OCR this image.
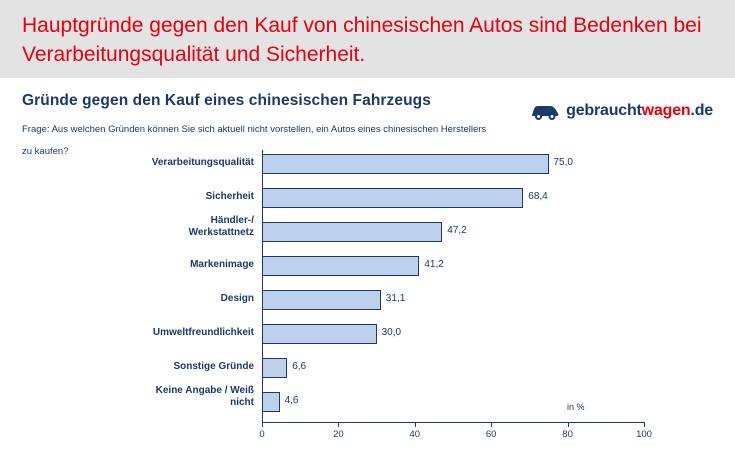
Hauptgründe gegen den Kauf von chinesischen Autos sind Bedenken bei Verarbeitungsqualität und Sicherheit.
Gründe gegen den Kauf eines chinesischen Fahrzeugs
Frage: Aus welchen Gründen können Sie sich aktuell nicht vorstellen, ein Autos eines chinesischen Herstellers zu kaufen?
gebrauchtwagen.de
in %
0	20	40	60	80	100
75,0
Verarbeitungsqualität
68,4
Sicherheit
47,2
Händler-/
Werkstattnetz
41,2
Markenimage
31,1
Design
30,0
Umweltfreundlichkeit
6,6
Sonstige Gründe
4,6
Keine Angabe / Weiß
nicht
